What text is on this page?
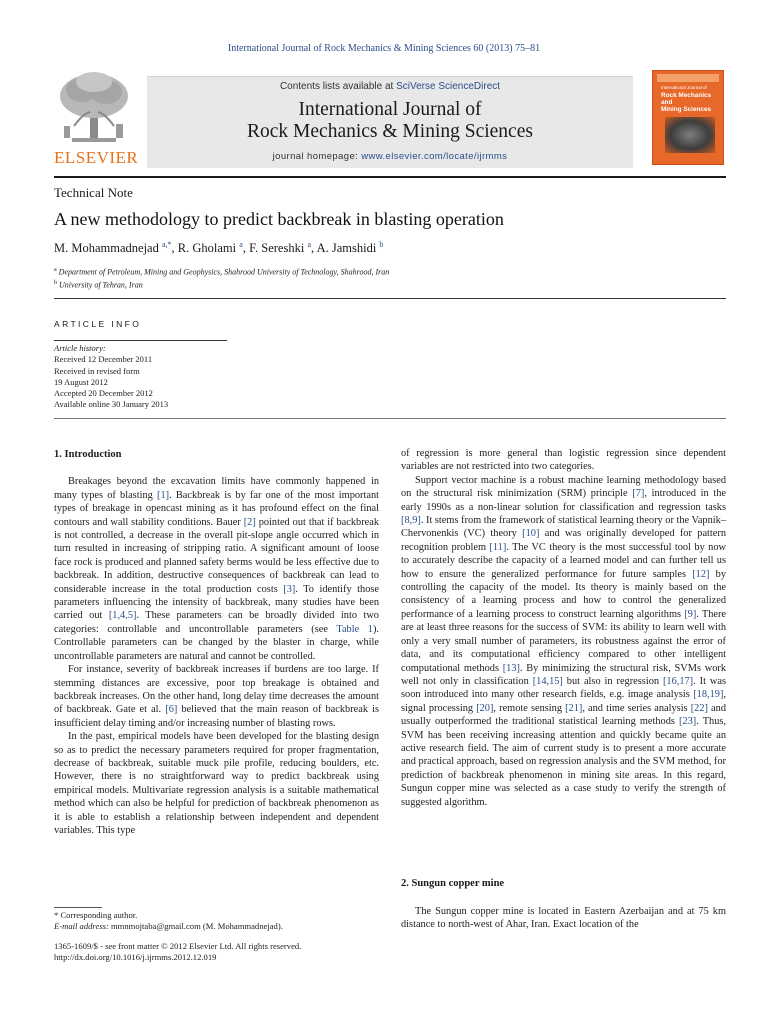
International Journal of Rock Mechanics & Mining Sciences 60 (2013) 75–81
ELSEVIER
Contents lists available at SciVerse ScienceDirect
International Journal of
Rock Mechanics & Mining Sciences
journal homepage: www.elsevier.com/locate/ijrmms
International Journal of
Rock Mechanics
and
Mining Sciences
Technical Note
A new methodology to predict backbreak in blasting operation
M. Mohammadnejad $^{a,*}$, R. Gholami $^a$, F. Sereshki $^a$, A. Jamshidi $^b$
$^a$ Department of Petroleum, Mining and Geophysics, Shahrood University of Technology, Shahrood, Iran
$^b$ University of Tehran, Iran
ARTICLE INFO
Article history:
Received 12 December 2011
Received in revised form
19 August 2012
Accepted 20 December 2012
Available online 30 January 2013
1. Introduction

Breakages beyond the excavation limits have commonly happened in many types of blasting [1]. Backbreak is by far one of the most important types of breakage in opencast mining as it has profound effect on the final contours and wall stability conditions. Bauer [2] pointed out that if backbreak is not controlled, a decrease in the overall pit-slope angle occurred which in turn resulted in increasing of stripping ratio. A significant amount of loose face rock is produced and planned safety berms would be less effective due to backbreak. In addition, destructive consequences of backbreak can lead to considerable increase in the total production costs [3]. To identify those parameters influencing the intensity of backbreak, many studies have been carried out [1,4,5]. These parameters can be broadly divided into two categories: controllable and uncontrollable parameters (see Table 1). Controllable parameters can be changed by the blaster in charge, while uncontrollable parameters are natural and cannot be controlled.

For instance, severity of backbreak increases if burdens are too large. If stemming distances are excessive, poor top breakage is obtained and backbreak increases. On the other hand, long delay time decreases the amount of backbreak. Gate et al. [6] believed that the main reason of backbreak is insufficient delay timing and/or increasing number of blasting rows.

In the past, empirical models have been developed for the blasting design so as to predict the necessary parameters required for proper fragmentation, decrease of backbreak, suitable muck pile profile, reducing boulders, etc. However, there is no straightforward way to predict backbreak using empirical models. Multivariate regression analysis is a suitable mathematical method which can also be helpful for prediction of backbreak phenomenon as it is able to establish a relationship between independent and dependent variables. This type

of regression is more general than logistic regression since dependent variables are not restricted into two categories.

Support vector machine is a robust machine learning methodology based on the structural risk minimization (SRM) principle [7], introduced in the early 1990s as a non-linear solution for classification and regression tasks [8,9]. It stems from the framework of statistical learning theory or the Vapnik–Chervonenkis (VC) theory [10] and was originally developed for pattern recognition problem [11]. The VC theory is the most successful tool by now to accurately describe the capacity of a learned model and can further tell us how to ensure the generalized performance for future samples [12] by controlling the capacity of the model. Its theory is mainly based on the consistency of a learning process and how to control the generalized performance of a learning process to construct learning algorithms [9]. There are at least three reasons for the success of SVM: its ability to learn well with only a very small number of parameters, its robustness against the error of data, and its computational efficiency compared to other intelligent computational methods [13]. By minimizing the structural risk, SVMs work well not only in classification [14,15] but also in regression [16,17]. It was soon introduced into many other research fields, e.g. image analysis [18,19], signal processing [20], remote sensing [21], and time series analysis [22] and usually outperformed the traditional statistical learning methods [23]. Thus, SVM has been receiving increasing attention and quickly became quite an active research field. The aim of current study is to present a more accurate and practical approach, based on regression analysis and the SVM method, for prediction of backbreak phenomenon in mining site areas. In this regard, Sungun copper mine was selected as a case study to verify the strength of suggested algorithm.

2. Sungun copper mine
The Sungun copper mine is located in Eastern Azerbaijan and at 75 km distance to north-west of Ahar, Iran. Exact location of the
* Corresponding author.
E-mail address: mmnmojtaba@gmail.com (M. Mohammadnejad).
1365-1609/$ - see front matter © 2012 Elsevier Ltd. All rights reserved.
http://dx.doi.org/10.1016/j.ijrmms.2012.12.019
